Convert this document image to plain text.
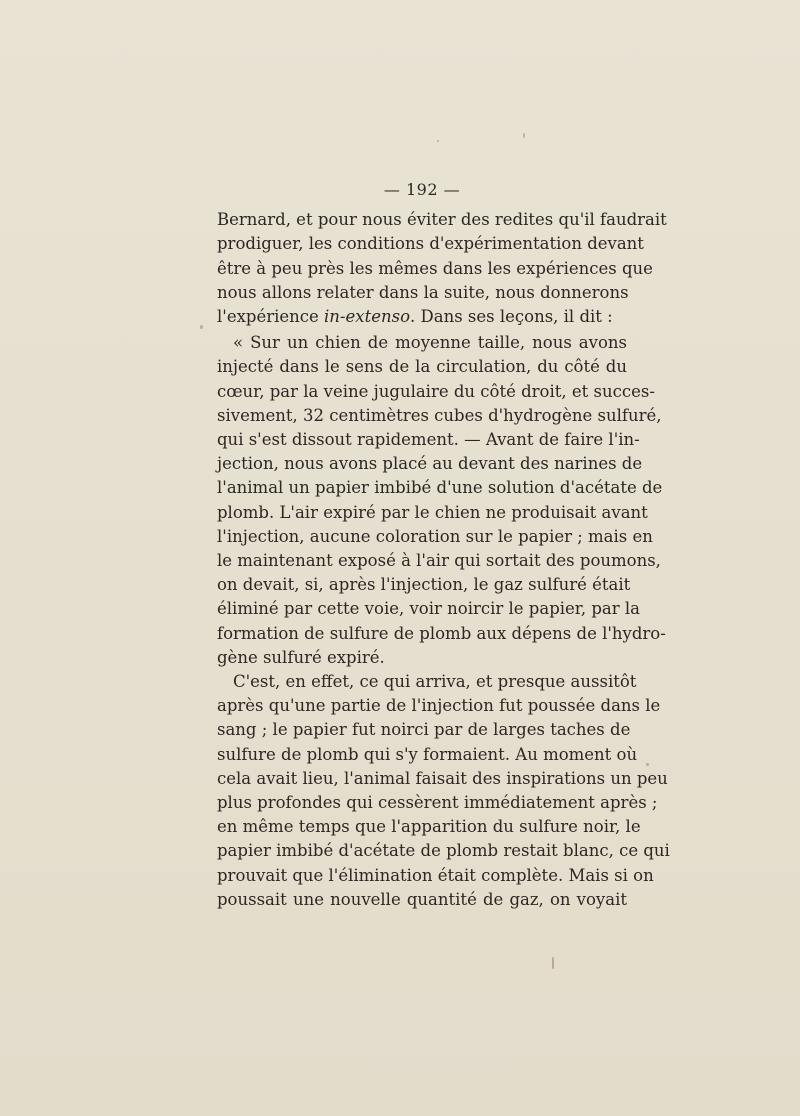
— 192 —
Bernard, et pour nous éviter des redites qu'il faudrait
prodiguer, les conditions d'expérimentation devant
être à peu près les mêmes dans les expériences que
nous allons relater dans la suite, nous donnerons
l'expérience in-extenso. Dans ses leçons, il dit :
« Sur un chien de moyenne taille, nous avons
injecté dans le sens de la circulation, du côté du
cœur, par la veine jugulaire du côté droit, et succes-
sivement, 32 centimètres cubes d'hydrogène sulfuré,
qui s'est dissout rapidement. — Avant de faire l'in-
jection, nous avons placé au devant des narines de
l'animal un papier imbibé d'une solution d'acétate de
plomb. L'air expiré par le chien ne produisait avant
l'injection, aucune coloration sur le papier ; mais en
le maintenant exposé à l'air qui sortait des poumons,
on devait, si, après l'injection, le gaz sulfuré était
éliminé par cette voie, voir noircir le papier, par la
formation de sulfure de plomb aux dépens de l'hydro-
gène sulfuré expiré.
C'est, en effet, ce qui arriva, et presque aussitôt
après qu'une partie de l'injection fut poussée dans le
sang ; le papier fut noirci par de larges taches de
sulfure de plomb qui s'y formaient. Au moment où
cela avait lieu, l'animal faisait des inspirations un peu
plus profondes qui cessèrent immédiatement après ;
en même temps que l'apparition du sulfure noir, le
papier imbibé d'acétate de plomb restait blanc, ce qui
prouvait que l'élimination était complète. Mais si on
poussait une nouvelle quantité de gaz, on voyait
